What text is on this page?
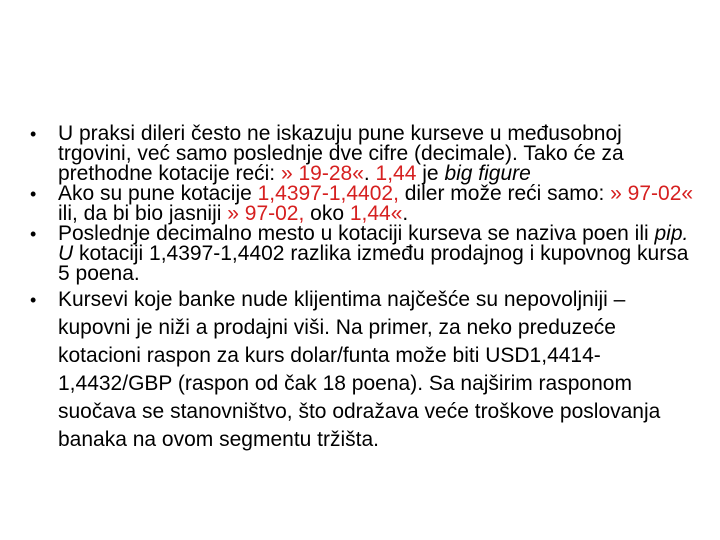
• U praksi dileri često ne iskazuju pune kurseve u međusobnoj trgovini, već samo poslednje dve cifre (decimale). Tako će za prethodne kotacije reći: » 19-28«. 1,44 je big figure
• Ako su pune kotacije 1,4397-1,4402, diler može reći samo: » 97-02« ili, da bi bio jasniji » 97-02, oko 1,44«.
• Poslednje decimalno mesto u kotaciji kurseva se naziva poen ili pip. U kotaciji 1,4397-1,4402 razlika između prodajnog i kupovnog kursa 5 poena.
• Kursevi koje banke nude klijentima najčešće su nepovoljniji – kupovni je niži a prodajni viši. Na primer, za neko preduzeće kotacioni raspon za kurs dolar/funta može biti USD1,4414-1,4432/GBP (raspon od čak 18 poena). Sa najširim rasponom suočava se stanovništvo, što odražava veće troškove poslovanja banaka na ovom segmentu tržišta.
